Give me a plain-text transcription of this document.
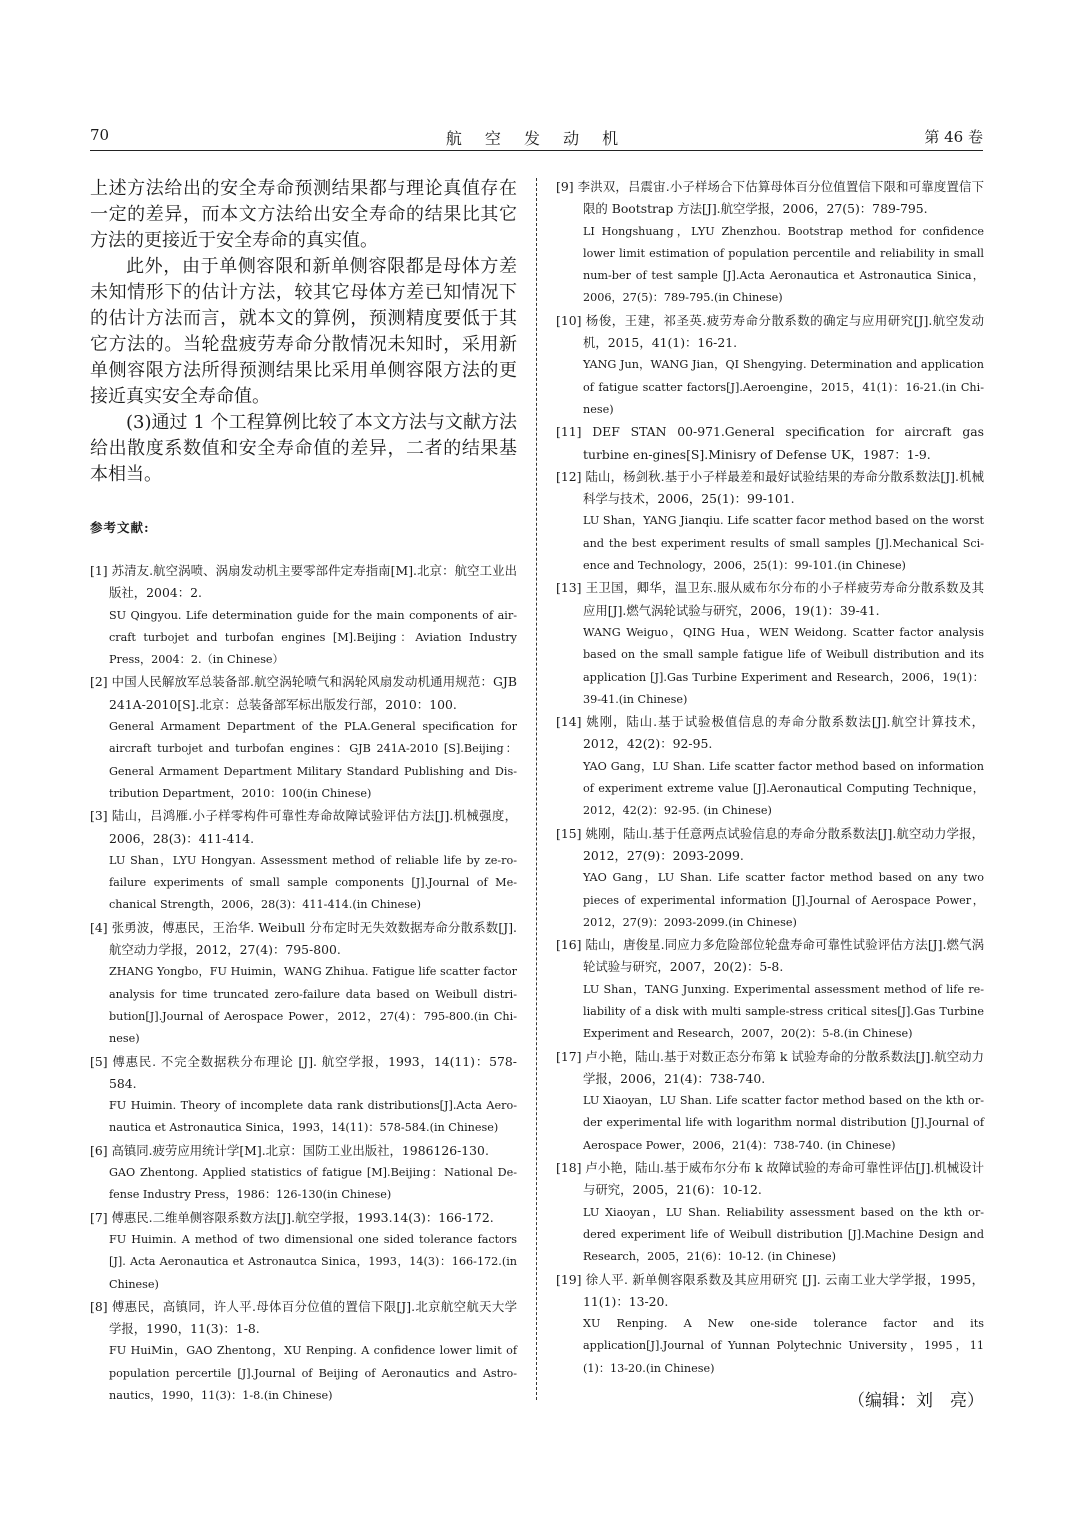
70	航 空 发 动 机	第 46 卷

上述方法给出的安全寿命预测结果都与理论真值存在一定的差异，而本文方法给出安全寿命的结果比其它方法的更接近于安全寿命的真实值。

此外，由于单侧容限和新单侧容限都是母体方差未知情形下的估计方法，较其它母体方差已知情况下的估计方法而言，就本文的算例，预测精度要低于其它方法的。当轮盘疲劳寿命分散情况未知时，采用新单侧容限方法所得预测结果比采用单侧容限方法的更接近真实安全寿命值。

(3)通过 1 个工程算例比较了本文方法与文献方法给出散度系数值和安全寿命值的差异，二者的结果基本相当。

参考文献:

[1] 苏清友.航空涡喷、涡扇发动机主要零部件定寿指南[M].北京：航空工业出版社，2004：2.

SU Qingyou. Life determination guide for the main components of air-craft turbojet and turbofan engines [M].Beijing：Aviation Industry Press，2004：2.（in Chinese）

[2] 中国人民解放军总装备部.航空涡轮喷气和涡轮风扇发动机通用规范：GJB 241A-2010[S].北京：总装备部军标出版发行部，2010：100.

General Armament Department of the PLA.General specification for aircraft turbojet and turbofan engines：GJB 241A-2010 [S].Beijing：General Armament Department Military Standard Publishing and Dis-tribution Department，2010：100(in Chinese)

[3] 陆山，吕鸿雁.小子样零构件可靠性寿命故障试验评估方法[J].机械强度，2006，28(3)：411-414.

LU Shan，LYU Hongyan. Assessment method of reliable life by ze-ro-failure experiments of small sample components [J].Journal of Me-chanical Strength，2006，28(3)：411-414.(in Chinese)

[4] 张勇波，傅惠民，王治华. Weibull 分布定时无失效数据寿命分散系数[J].航空动力学报，2012，27(4)：795-800.

ZHANG Yongbo，FU Huimin，WANG Zhihua. Fatigue life scatter factor analysis for time truncated zero-failure data based on Weibull distri-bution[J].Journal of Aerospace Power，2012，27(4)：795-800.(in Chi-nese)

[5] 傅惠民. 不完全数据秩分布理论 [J]. 航空学报，1993，14(11)：578-584.

FU Huimin. Theory of incomplete data rank distributions[J].Acta Aero-nautica et Astronautica Sinica，1993，14(11)：578-584.(in Chinese)

[6] 高镇同.疲劳应用统计学[M].北京：国防工业出版社，1986126-130.

GAO Zhentong. Applied statistics of fatigue [M].Beijing：National De-fense Industry Press，1986：126-130(in Chinese)

[7] 傅惠民.二维单侧容限系数方法[J].航空学报，1993.14(3)：166-172.

FU Huimin. A method of two dimensional one sided tolerance factors [J]. Acta Aeronautica et Astronautca Sinica，1993，14(3)：166-172.(in Chinese)

[8] 傅惠民，高镇同，许人平.母体百分位值的置信下限[J].北京航空航天大学学报，1990，11(3)：1-8.

FU HuiMin，GAO Zhentong，XU Renping. A confidence lower limit of population percertile [J].Journal of Beijing of Aeronautics and Astro-nautics，1990，11(3)：1-8.(in Chinese)

[9] 李洪双，吕震宙.小子样场合下估算母体百分位值置信下限和可靠度置信下限的 Bootstrap 方法[J].航空学报，2006，27(5)：789-795.

LI Hongshuang，LYU Zhenzhou. Bootstrap method for confidence lower limit estimation of population percentile and reliability in small num-ber of test sample [J].Acta Aeronautica et Astronautica Sinica，2006，27(5)：789-795.(in Chinese)

[10] 杨俊，王建，祁圣英.疲劳寿命分散系数的确定与应用研究[J].航空发动机，2015，41(1)：16-21.

YANG Jun，WANG Jian，QI Shengying. Determination and application of fatigue scatter factors[J].Aeroengine，2015，41(1)：16-21.(in Chi-nese)

[11] DEF STAN 00-971.General specification for aircraft gas turbine en-gines[S].Minisry of Defense UK，1987：1-9.

[12] 陆山，杨剑秋.基于小子样最差和最好试验结果的寿命分散系数法[J].机械科学与技术，2006，25(1)：99-101.

LU Shan，YANG Jianqiu. Life scatter facor method based on the worst and the best experiment results of small samples [J].Mechanical Sci-ence and Technology，2006，25(1)：99-101.(in Chinese)

[13] 王卫国，卿华，温卫东.服从威布尔分布的小子样疲劳寿命分散系数及其应用[J].燃气涡轮试验与研究，2006，19(1)：39-41.

WANG Weiguo，QING Hua，WEN Weidong. Scatter factor analysis based on the small sample fatigue life of Weibull distribution and its application [J].Gas Turbine Experiment and Research，2006，19(1)：39-41.(in Chinese)

[14] 姚刚，陆山.基于试验极值信息的寿命分散系数法[J].航空计算技术，2012，42(2)：92-95.

YAO Gang，LU Shan. Life scatter factor method based on information of experiment extreme value [J].Aeronautical Computing Technique，2012，42(2)：92-95. (in Chinese)

[15] 姚刚，陆山.基于任意两点试验信息的寿命分散系数法[J].航空动力学报，2012，27(9)：2093-2099.

YAO Gang，LU Shan. Life scatter factor method based on any two pieces of experimental information [J].Journal of Aerospace Power，2012，27(9)：2093-2099.(in Chinese)

[16] 陆山，唐俊星.同应力多危险部位轮盘寿命可靠性试验评估方法[J].燃气涡轮试验与研究，2007，20(2)：5-8.

LU Shan，TANG Junxing. Experimental assessment method of life re-liability of a disk with multi sample-stress critical sites[J].Gas Turbine Experiment and Research，2007，20(2)：5-8.(in Chinese)

[17] 卢小艳，陆山.基于对数正态分布第 k 试验寿命的分散系数法[J].航空动力学报，2006，21(4)：738-740.

LU Xiaoyan，LU Shan. Life scatter factor method based on the kth or-der experimental life with logarithm normal distribution [J].Journal of Aerospace Power，2006，21(4)：738-740. (in Chinese)

[18] 卢小艳，陆山.基于威布尔分布 k 故障试验的寿命可靠性评估[J].机械设计与研究，2005，21(6)：10-12.

LU Xiaoyan，LU Shan. Reliability assessment based on the kth or-dered experiment life of Weibull distribution [J].Machine Design and Research，2005，21(6)：10-12. (in Chinese)

[19] 徐人平. 新单侧容限系数及其应用研究 [J]. 云南工业大学学报，1995，11(1)：13-20.

XU Renping. A New one-side tolerance factor and its application[J].Journal of Yunnan Polytechnic University，1995，11 (1)：13-20.(in Chinese)

（编辑：刘　亮）
